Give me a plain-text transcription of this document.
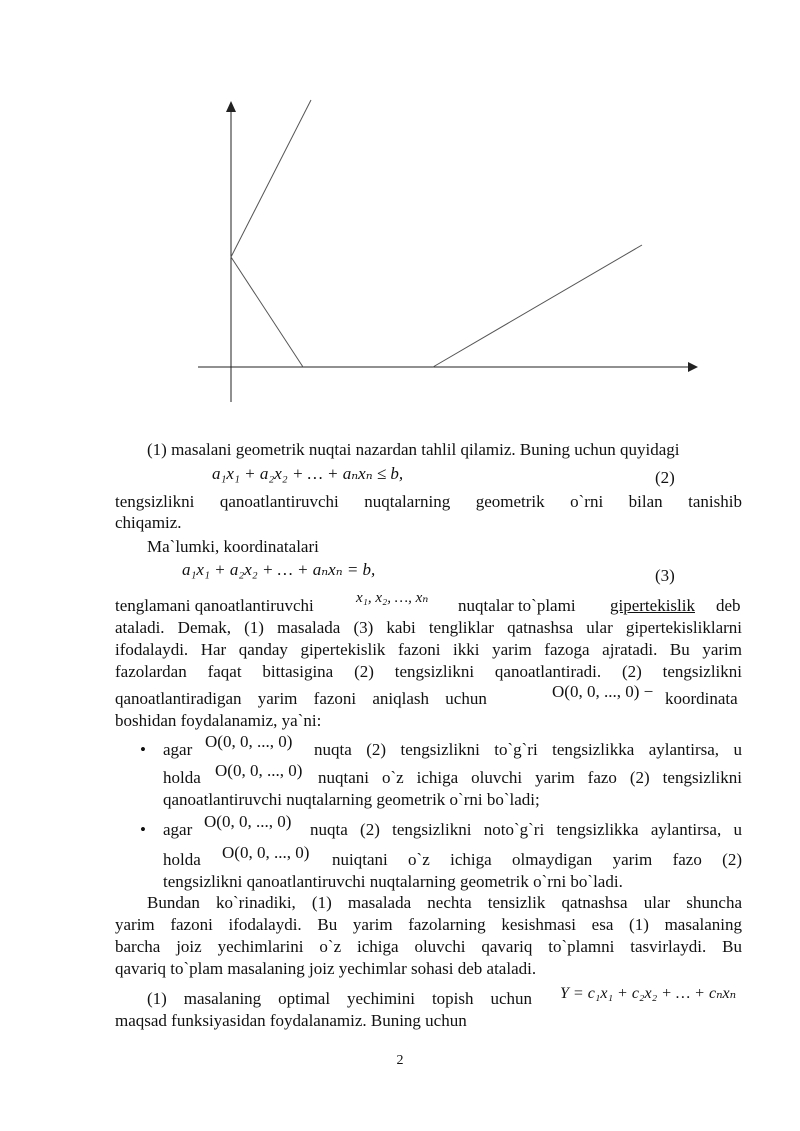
(1) masalani geometrik nuqtai nazardan tahlil qilamiz. Buning uchun quyidagi
a₁x₁ + a₂x₂ + … + aₙxₙ ≤ b,	(2)
tengsizlikni qanoatlantiruvchi nuqtalarning geometrik o`rni bilan tanishib
chiqamiz.
Ma`lumki, koordinatalari
a₁x₁ + a₂x₂ + … + aₙxₙ = b,	(3)
tenglamani qanoatlantiruvchi	x₁, x₂, …, xₙ nuqtalar to`plami gipertekislik deb
ataladi. Demak, (1) masalada (3) kabi tengliklar qatnashsa ular gipertekisliklarni
ifodalaydi. Har qanday gipertekislik fazoni ikki yarim fazoga ajratadi. Bu yarim
fazolardan faqat bittasigina (2) tengsizlikni qanoatlantiradi. (2) tengsizlikni
qanoatlantiradigan yarim fazoni aniqlash uchun	O(0, 0, ..., 0) − koordinata
boshidan foydalanamiz, ya`ni:
• agar O(0, 0, ..., 0) nuqta (2) tengsizlikni to`g`ri tengsizlikka aylantirsa, u
holda O(0, 0, ..., 0) nuqtani o`z ichiga oluvchi yarim fazo (2) tengsizlikni
qanoatlantiruvchi nuqtalarning geometrik o`rni bo`ladi;
• agar O(0, 0, ..., 0) nuqta (2) tengsizlikni noto`g`ri tengsizlikka aylantirsa, u
holda O(0, 0, ..., 0) nuiqtani o`z ichiga olmaydigan yarim fazo (2)
tengsizlikni qanoatlantiruvchi nuqtalarning geometrik o`rni bo`ladi.
Bundan ko`rinadiki, (1) masalada nechta tensizlik qatnashsa ular shuncha
yarim fazoni ifodalaydi. Bu yarim fazolarning kesishmasi esa (1) masalaning
barcha joiz yechimlarini o`z ichiga oluvchi qavariq to`plamni tasvirlaydi. Bu
qavariq to`plam masalaning joiz yechimlar sohasi deb ataladi.
(1) masalaning optimal yechimini topish uchun Y = c₁x₁ + c₂x₂ + … + cₙxₙ
maqsad funksiyasidan foydalanamiz. Buning uchun
2
